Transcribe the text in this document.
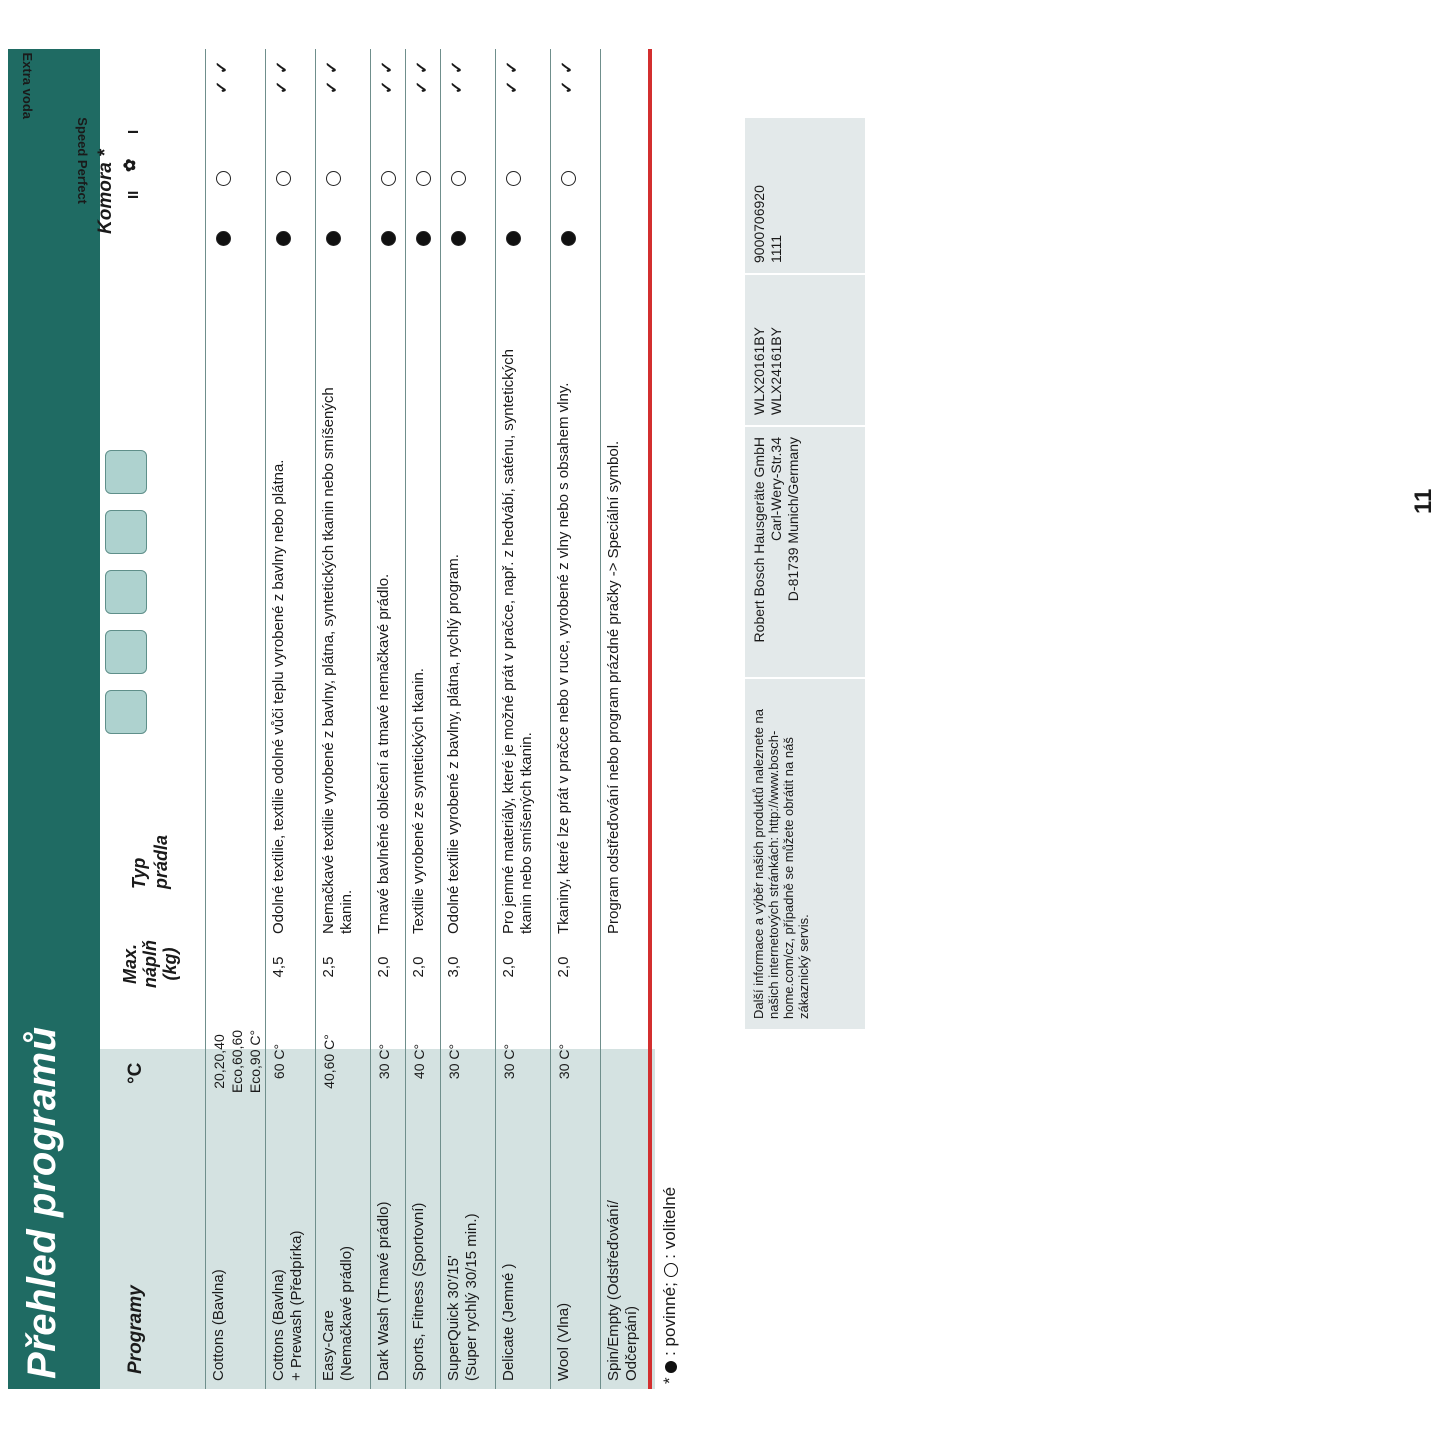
Přehled programů	Programy
°C
Max. náplň (kg)
Typ prádla
Komora *
Speed Perfect
Extra voda
II
I
✿
Cottons (Bavlna)
20,20,40
Eco,60,60
Eco,90 C°
✓
✓
Cottons (Bavlna)
+ Prewash (Předpírka)
60 C°
4,5
Odolné textilie, textilie odolné vůči teplu vyrobené z bavlny nebo plátna.
✓
✓
Easy-Care
(Nemačkavé prádlo)
40,60 C°
2,5
Nemačkavé textilie vyrobené z bavlny, plátna, syntetických tkanin nebo smíšených
tkanin.
✓
✓
Dark Wash (Tmavé prádlo)
30 C°
2,0
Tmavé bavlněné oblečení a tmavé nemačkavé prádlo.
✓
✓
Sports, Fitness (Sportovní)
40 C°
2,0
Textilie vyrobené ze syntetických tkanin.
✓
✓
SuperQuick 30'/15'
(Super rychlý 30/15 min.)
30 C°
3,0
Odolné textilie vyrobené z bavlny, plátna, rychlý program.
✓
✓
Delicate (Jemné )
30 C°
2,0
Pro jemné materiály, které je možné prát v pračce, např. z hedvábí, saténu, syntetických
tkanin nebo smíšených tkanin.
✓
✓
Wool (Vlna)
30 C°
2,0
Tkaniny, které lze prát v pračce nebo v ruce, vyrobené z vlny nebo s obsahem vlny.
✓
✓
Spin/Empty (Odstřeďování/
Odčerpání)
Program odstřeďování nebo program prázdné pračky -> Speciální symbol.
*  : povinné;  : volitelné
Další informace a výběr našich produktů naleznete na našich internetových stránkách: http://www.bosch-home.com/cz, případně se můžete obrátit na náš zákaznický servis.
Robert Bosch Hausgeräte GmbH
Carl-Wery-Str.34
D-81739 Munich/Germany
WLX20161BY
WLX24161BY
9000706920
1111
11
